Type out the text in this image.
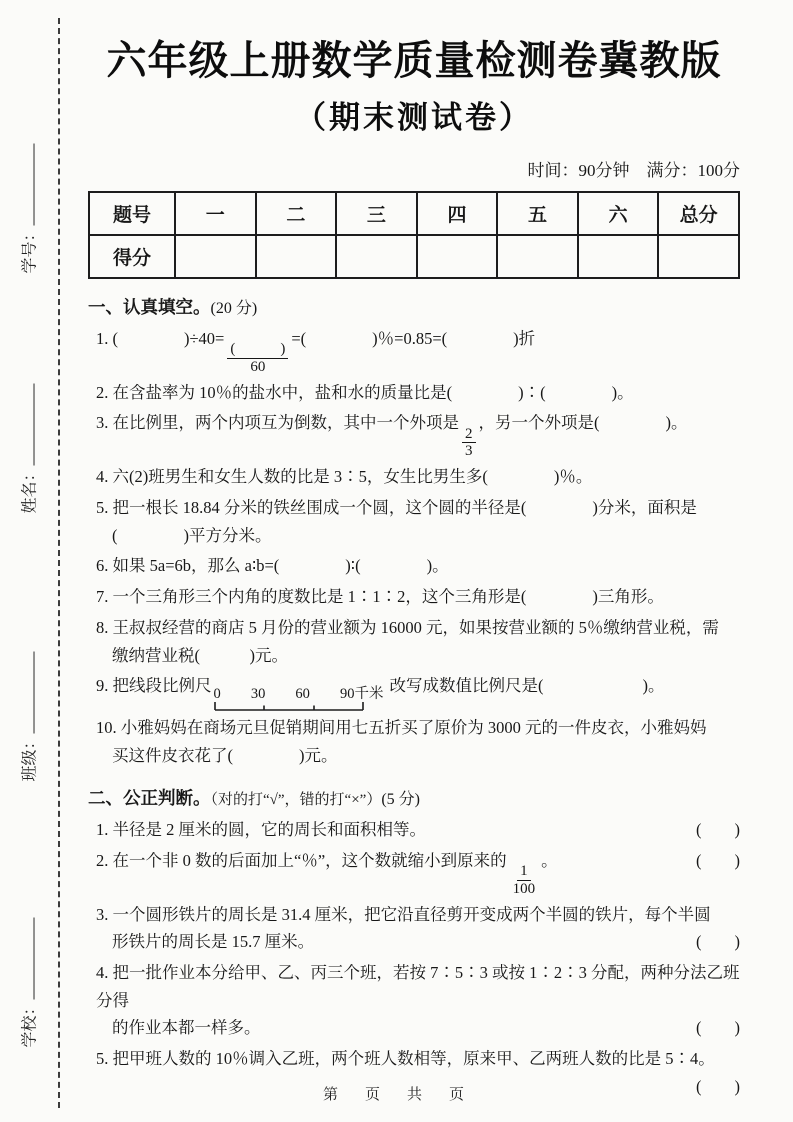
学号：
姓名：
班级：
学校：
六年级上册数学质量检测卷冀教版
（期末测试卷）
时间：90分钟　满分：100分
题号	一	二	三	四	五	六	总分
得分							
一、认真填空。(20 分)
1. (　　　　)÷40=
$\frac{( )}{60}$
=(　　　　)％=0.85=(　　　　)折
2. 在含盐率为 10％的盐水中，盐和水的质量比是(　　　　)∶(　　　　)。
3. 在比例里，两个内项互为倒数，其中一个外项是
$\frac{2}{3}$
，另一个外项是(　　　　)。
4. 六(2)班男生和女生人数的比是 3∶5，女生比男生多(　　　　)％。
5. 把一根长 18.84 分米的铁丝围成一个圆，这个圆的半径是(　　　　)分米，面积是
(　　　　)平方分米。
6. 如果 5a=6b，那么 a∶b=(　　　　)∶(　　　　)。
7. 一个三角形三个内角的度数比是 1∶1∶2，这个三角形是(　　　　)三角形。
8. 王叔叔经营的商店 5 月份的营业额为 16000 元，如果按营业额的 5％缴纳营业税，需
缴纳营业税(　　　)元。
9. 把线段比例尺 0 30 60 90千米 改写成数值比例尺是(　　　　　　)。
10. 小雅妈妈在商场元旦促销期间用七五折买了原价为 3000 元的一件皮衣，小雅妈妈
买这件皮衣花了(　　　　)元。
二、公正判断。（对的打“√”，错的打“×”）(5 分)
1. 半径是 2 厘米的圆，它的周长和面积相等。	(　　)
2. 在一个非 0 数的后面加上“％”，这个数就缩小到原来的
$\frac{1}{100}$
。	(　　)
3. 一个圆形铁片的周长是 31.4 厘米，把它沿直径剪开变成两个半圆的铁片，每个半圆
形铁片的周长是 15.7 厘米。	(　　)
4. 把一批作业本分给甲、乙、丙三个班，若按 7∶5∶3 或按 1∶2∶3 分配，两种分法乙班分得
的作业本都一样多。	(　　)
5. 把甲班人数的 10％调入乙班，两个班人数相等，原来甲、乙两班人数的比是 5∶4。
(　　)
第　页　共　页
